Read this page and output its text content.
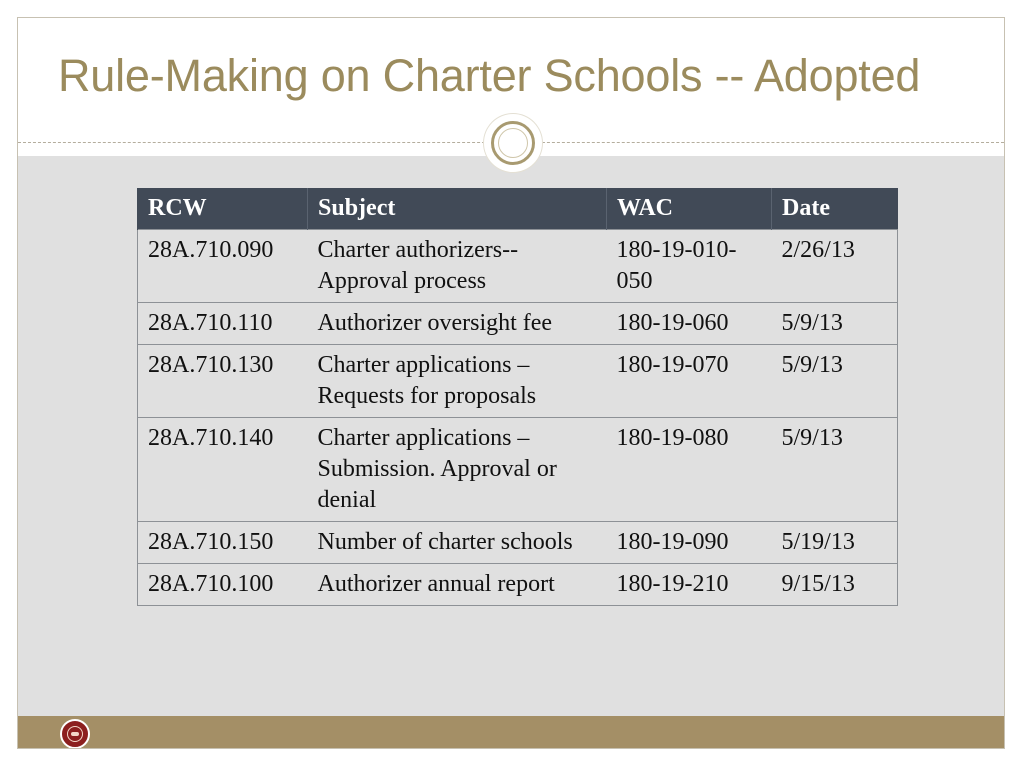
Rule-Making on Charter Schools -- Adopted
RCW	Subject	WAC	Date
28A.710.090	Charter authorizers--Approval process	180-19-010-050	2/26/13
28A.710.110	Authorizer oversight fee	180-19-060	5/9/13
28A.710.130	Charter applications – Requests for proposals	180-19-070	5/9/13
28A.710.140	Charter applications – Submission. Approval or denial	180-19-080	5/9/13
28A.710.150	Number of charter schools	180-19-090	5/19/13
28A.710.100	Authorizer annual report	180-19-210	9/15/13
